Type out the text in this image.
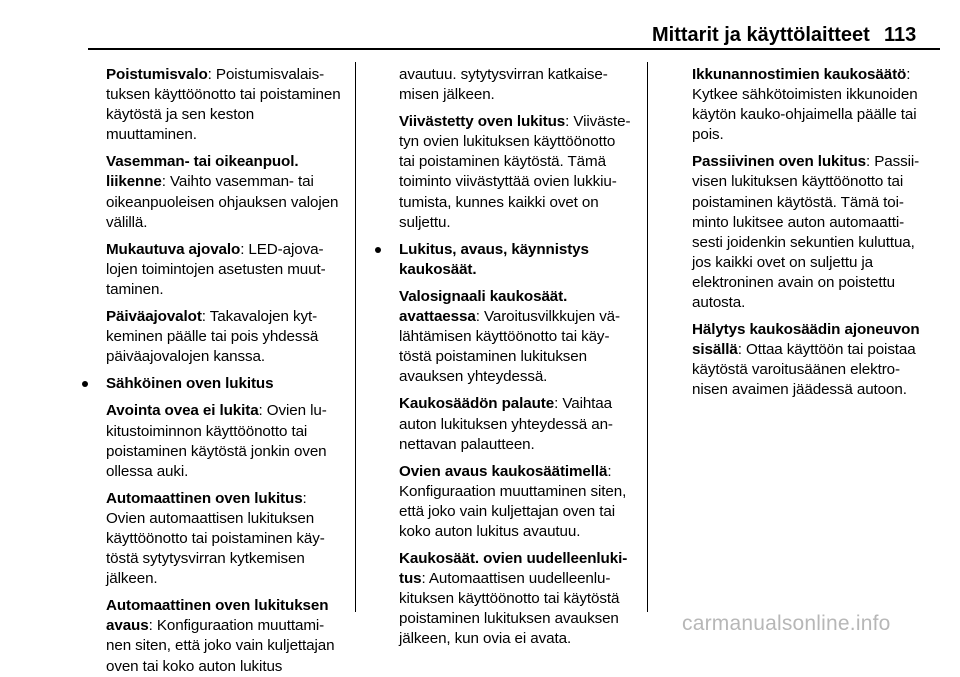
Mittarit ja käyttölaitteet 113

Poistumisvalo: Poistumisvalaistuksen käyttöönotto tai poistaminen käytöstä ja sen keston muuttaminen.

Vasemman- tai oikeanpuol. liikenne: Vaihto vasemman- tai oikeanpuoleisen ohjauksen valojen välillä.

Mukautuva ajovalo: LED-ajovalojen toimintojen asetusten muuttaminen.

Päiväajovalot: Takavalojen kytkeminen päälle tai pois yhdessä päiväajovalojen kanssa.

Sähköinen oven lukitus

Avointa ovea ei lukita: Ovien lukitustoiminnon käyttöönotto tai poistaminen käytöstä jonkin oven ollessa auki.

Automaattinen oven lukitus: Ovien automaattisen lukituksen käyttöönotto tai poistaminen käytöstä sytytysvirran kytkemisen jälkeen.

Automaattinen oven lukituksen avaus: Konfiguraation muuttaminen siten, että joko vain kuljettajan oven tai koko auton lukitus

avautuu. sytytysvirran katkaisemisen jälkeen.

Viivästetty oven lukitus: Viivästetyn ovien lukituksen käyttöönotto tai poistaminen käytöstä. Tämä toiminto viivästyttää ovien lukkiutumista, kunnes kaikki ovet on suljettu.

Lukitus, avaus, käynnistys kaukosäät.

Valosignaali kaukosäät. avattaessa: Varoitusvilkkujen välähtämisen käyttöönotto tai käytöstä poistaminen lukituksen avauksen yhteydessä.

Kaukosäädön palaute: Vaihtaa auton lukituksen yhteydessä annettavan palautteen.

Ovien avaus kaukosäätimellä: Konfiguraation muuttaminen siten, että joko vain kuljettajan oven tai koko auton lukitus avautuu.

Kaukosäät. ovien uudelleenlukitus: Automaattisen uudelleenlukituksen käyttöönotto tai käytöstä poistaminen lukituksen avauksen jälkeen, kun ovia ei avata.

Ikkunannostimien kaukosäätö: Kytkee sähkötoimisten ikkunoiden käytön kauko-ohjaimella päälle tai pois.

Passiivinen oven lukitus: Passiivisen lukituksen käyttöönotto tai poistaminen käytöstä. Tämä toiminto lukitsee auton automaattisesti joidenkin sekuntien kuluttua, jos kaikki ovet on suljettu ja elektroninen avain on poistettu autosta.

Hälytys kaukosäädin ajoneuvon sisällä: Ottaa käyttöön tai poistaa käytöstä varoitusäänen elektronisen avaimen jäädessä autoon.

carmanualsonline.info
